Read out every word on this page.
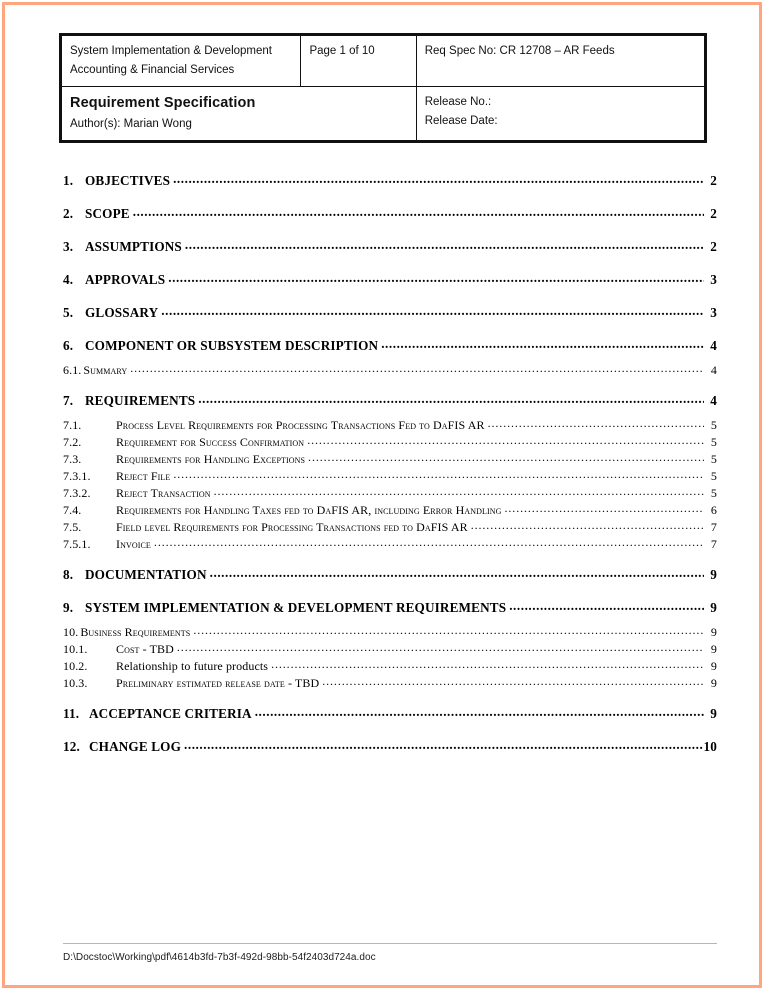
System Implementation & Development
Accounting & Financial Services	Page 1 of 10	Req Spec No: CR 12708 – AR Feeds

Requirement Specification
Author(s): Marian Wong

Release No.:
Release Date:
1. OBJECTIVES .....	2
2. SCOPE .....	2
3. ASSUMPTIONS .....	2
4. APPROVALS .....	3
5. GLOSSARY .....	3
6. COMPONENT OR SUBSYSTEM DESCRIPTION .....	4
6.1. Summary .....	4
7. REQUIREMENTS .....	4
7.1.	Process Level Requirements for Processing Transactions Fed to DaFIS AR .....	5
7.2.	Requirement for Success Confirmation .....	5
7.3.	Requirements for Handling Exceptions .....	5
7.3.1.	Reject File .....	5
7.3.2.	Reject Transaction .....	5
7.4.	Requirements for Handling Taxes fed to DaFIS AR, including Error Handling .....	6
7.5.	Field level Requirements for Processing Transactions fed to DaFIS AR .....	7
7.5.1.	Invoice .....	7
8. DOCUMENTATION .....	9
9. SYSTEM IMPLEMENTATION & DEVELOPMENT REQUIREMENTS .....	9
10. Business Requirements .....	9
10.1.	Cost - TBD .....	9
10.2.	Relationship to future products .....	9
10.3.	Preliminary estimated release date - TBD .....	9
11. ACCEPTANCE CRITERIA .....	9
12. CHANGE LOG .....	10
D:\Docstoc\Working\pdf\4614b3fd-7b3f-492d-98bb-54f2403d724a.doc
